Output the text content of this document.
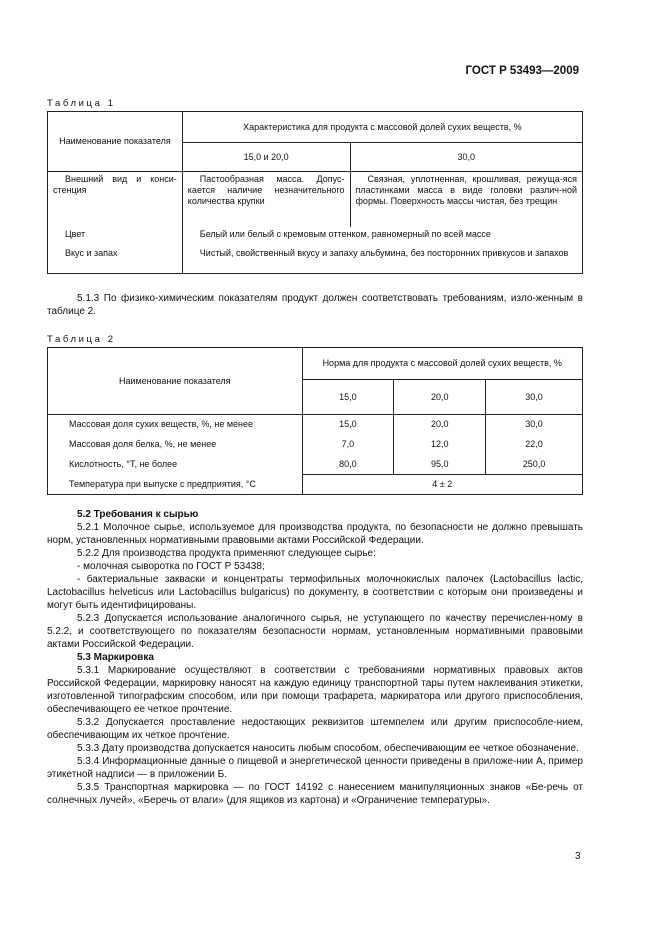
ГОСТ Р 53493—2009
Таблица 1
Наименование показателя	Характеристика для продукта с массовой долей сухих веществ, %	
	15,0 и 20,0	30,0
Внешний вид и конси-стенция	Пастообразная масса. Допус-кается наличие незначительного количества крупки	Связная, уплотненная, крошливая, режуща-яся пластинками масса в виде головки различ-ной формы. Поверхность массы чистая, без трещин
Цвет	Белый или белый с кремовым оттенком, равномерный по всей массе	
Вкус и запах	Чистый, свойственный вкусу и запаху альбумина, без посторонних привкусов и запахов	

5.1.3 По физико-химическим показателям продукт должен соответствовать требованиям, изло-женным в таблице 2.

Таблица 2
Наименование показателя	Норма для продукта с массовой долей сухих веществ, %		
	15,0	20,0	30,0
Массовая доля сухих веществ, %, не менее	15,0	20,0	30,0
Массовая доля белка, %, не менее	7,0	12,0	22,0
Кислотность, °Т, не более	80,0	95,0	250,0
Температура при выпуске с предприятия, °С	4 ± 2		

5.2 Требования к сырью

5.2.1 Молочное сырье, используемое для производства продукта, по безопасности не должно превышать норм, установленных нормативными правовыми актами Российской Федерации.

5.2.2 Для производства продукта применяют следующее сырье:

- молочная сыворотка по ГОСТ Р 53438;

- бактериальные закваски и концентраты термофильных молочнокислых палочек (Lactobacillus lactic, Lactobacillus helveticus или Lactobacillus bulgaricus) по документу, в соответствии с которым они произведены и могут быть идентифицированы.

5.2.3 Допускается использование аналогичного сырья, не уступающего по качеству перечислен-ному в 5.2.2, и соответствующего по показателям безопасности нормам, установленным нормативными правовыми актами Российской Федерации.

5.3 Маркировка

5.3.1 Маркирование осуществляют в соответствии с требованиями нормативных правовых актов Российской Федерации, маркировку наносят на каждую единицу транспортной тары путем наклеивания этикетки, изготовленной типографским способом, или при помощи трафарета, маркиратора или другого приспособления, обеспечивающего ее четкое прочтение.

5.3.2 Допускается проставление недостающих реквизитов штемпелем или другим приспособле-нием, обеспечивающим их четкое прочтение.

5.3.3 Дату производства допускается наносить любым способом, обеспечивающим ее четкое обозначение.

5.3.4 Информационные данные о пищевой и энергетической ценности приведены в приложе-нии А, пример этикетной надписи — в приложении Б.

5.3.5 Транспортная маркировка — по ГОСТ 14192 с нанесением манипуляционных знаков «Бе-речь от солнечных лучей», «Беречь от влаги» (для ящиков из картона) и «Ограничение температуры».

3
